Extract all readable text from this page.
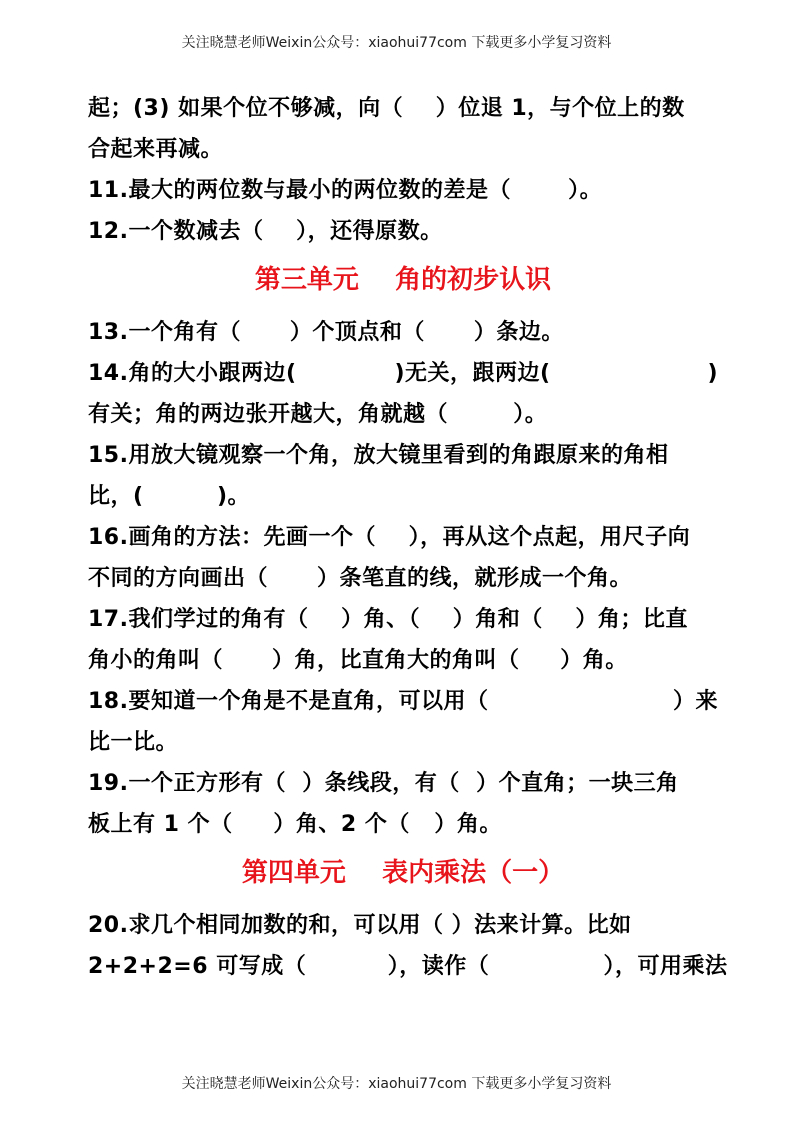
关注晓慧老师Weixin公众号：xiaohui77com 下载更多小学复习资料
起；(3) 如果个位不够减，向（    ）位退 1，与个位上的数
合起来再减。
11.最大的两位数与最小的两位数的差是（       ）。
12.一个数减去（    ），还得原数。
第三单元    角的初步认识
13.一个角有（      ）个顶点和（      ）条边。
14.角的大小跟两边(            )无关，跟两边(	)
有关；角的两边张开越大，角就越（        ）。
15.用放大镜观察一个角，放大镜里看到的角跟原来的角相
比，(         )。
16.画角的方法：先画一个（    ），再从这个点起，用尺子向
不同的方向画出（      ）条笔直的线，就形成一个角。
17.我们学过的角有（    ）角、（    ）角和（    ）角；比直
角小的角叫（      ）角，比直角大的角叫（     ）角。
18.要知道一个角是不是直角，可以用（	）来
比一比。
19.一个正方形有（  ）条线段，有（  ）个直角；一块三角
板上有 1 个（     ）角、2 个（   ）角。
第四单元    表内乘法（一）
20.求几个相同加数的和，可以用（ ）法来计算。比如
2+2+2=6 可写成（          ），读作（              ），可用乘法
关注晓慧老师Weixin公众号：xiaohui77com 下载更多小学复习资料
